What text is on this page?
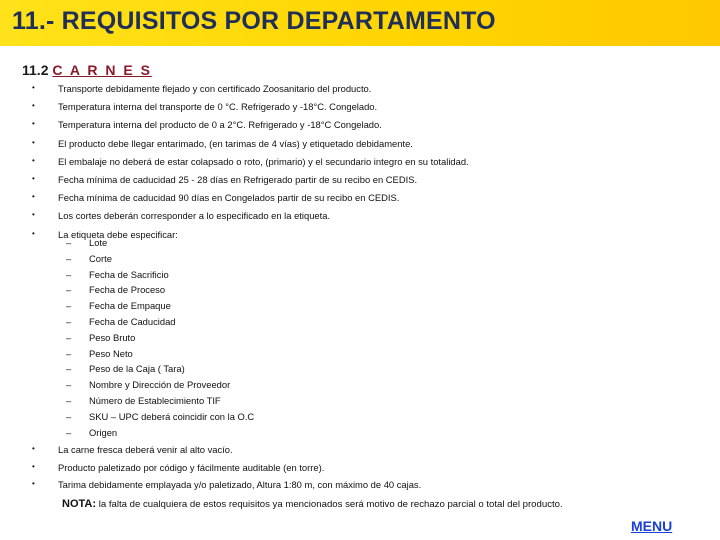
11.- REQUISITOS POR DEPARTAMENTO
11.2 C A R N E S
• Transporte debidamente flejado y con certificado Zoosanitario del producto.
• Temperatura interna del transporte de 0 °C. Refrigerado y -18°C. Congelado.
• Temperatura interna del producto de 0 a 2°C. Refrigerado y -18°C Congelado.
• El producto debe llegar entarimado, (en tarimas de 4 vías) y etiquetado debidamente.
• El embalaje no deberá de estar colapsado o roto, (primario) y el secundario integro en su totalidad.
• Fecha mínima de caducidad 25 - 28 días en Refrigerado partir de su recibo en CEDIS.
• Fecha mínima de caducidad 90 días en Congelados partir de su recibo en CEDIS.
• Los cortes deberán corresponder a lo especificado en la etiqueta.
• La etiqueta debe especificar:
– Lote
– Corte
– Fecha de Sacrificio
– Fecha de Proceso
– Fecha de Empaque
– Fecha de Caducidad
– Peso Bruto
– Peso Neto
– Peso de la Caja ( Tara)
– Nombre y Dirección de Proveedor
– Número de Establecimiento TIF
– SKU – UPC deberá coincidir con la O.C
– Origen
• La carne fresca deberá venir al alto vacío.
• Producto paletizado por código y fácilmente auditable (en torre).
• Tarima debidamente emplayada y/o paletizado, Altura 1:80 m, con máximo de 40 cajas.
NOTA: la falta de cualquiera de estos requisitos ya mencionados será motivo de rechazo parcial o total del producto.
MENU
